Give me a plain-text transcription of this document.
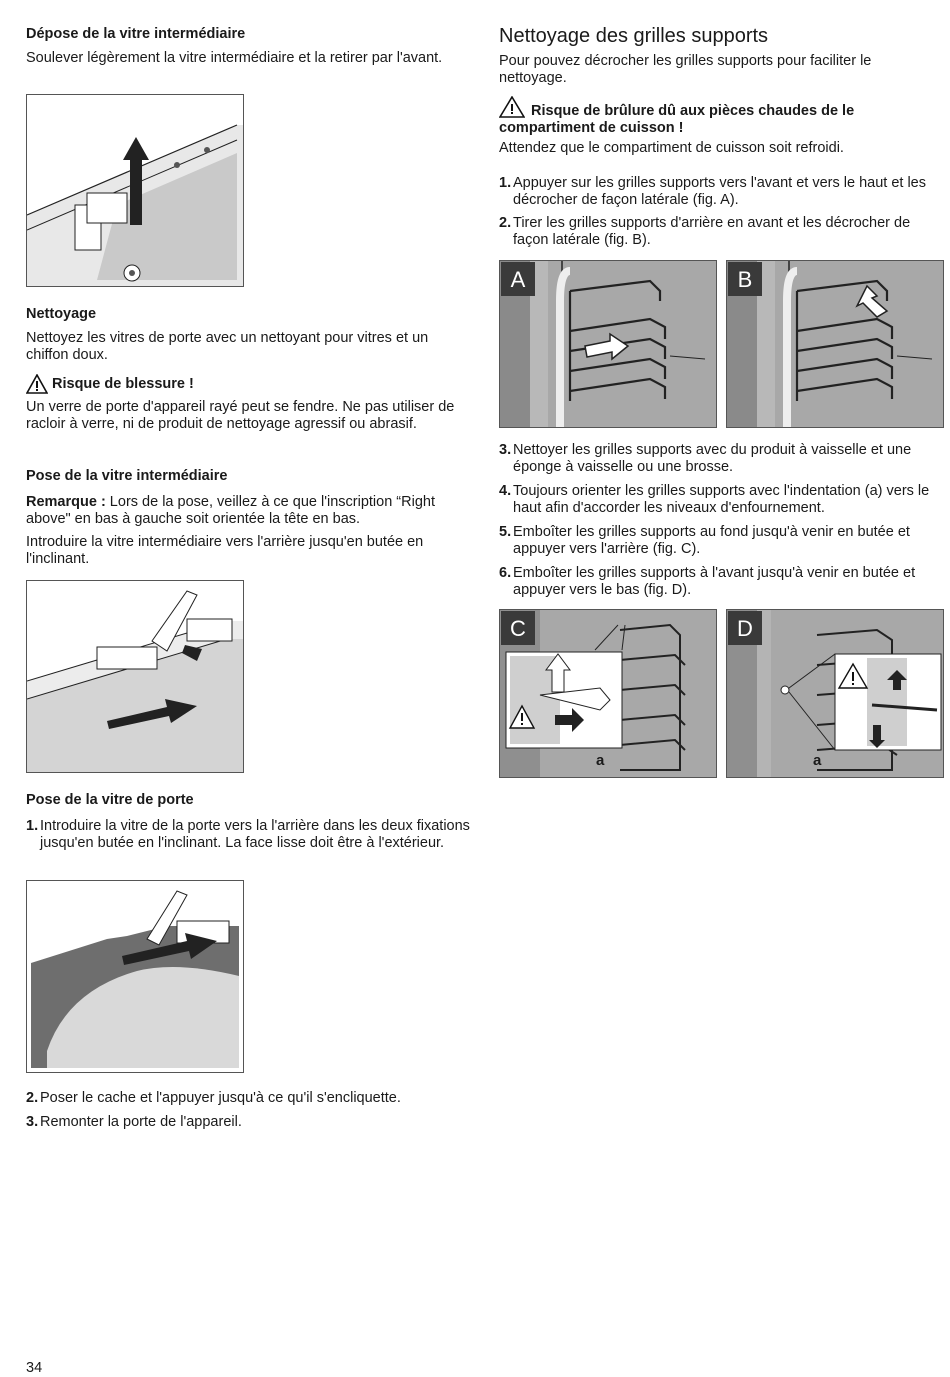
Dépose de la vitre intermédiaire

Soulever légèrement la vitre intermédiaire et la retirer par l'avant.

Nettoyage

Nettoyez les vitres de porte avec un nettoyant pour vitres et un chiffon doux.

Risque de blessure !

Un verre de porte d'appareil rayé peut se fendre. Ne pas utiliser de racloir à verre, ni de produit de nettoyage agressif ou abrasif.

Pose de la vitre intermédiaire

Remarque : Lors de la pose, veillez à ce que l'inscription “Right above" en bas à gauche soit orientée la tête en bas.

Introduire la vitre intermédiaire vers l'arrière jusqu'en butée en l'inclinant.

Pose de la vitre de porte
1. Introduire la vitre de la porte vers la l'arrière dans les deux fixations jusqu'en butée en l'inclinant. La face lisse doit être à l'extérieur.
2. Poser le cache et l'appuyer jusqu'à ce qu'il s'encliquette.
3. Remonter la porte de l'appareil.
Nettoyage des grilles supports

Pour pouvez décrocher les grilles supports pour faciliter le nettoyage.

Risque de brûlure dû aux pièces chaudes de le compartiment de cuisson !

Attendez que le compartiment de cuisson soit refroidi.

1. Appuyer sur les grilles supports vers l'avant et vers le haut et les décrocher de façon latérale (fig. A).
2. Tirer les grilles supports d'arrière en avant et les décrocher de façon latérale (fig. B).
A	B
3. Nettoyer les grilles supports avec du produit à vaisselle et une éponge à vaisselle ou une brosse.
4. Toujours orienter les grilles supports avec l'indentation (a) vers le haut afin d'accorder les niveaux d'enfournement.
5. Emboîter les grilles supports au fond jusqu'à venir en butée et appuyer vers l'arrière (fig. C).
6. Emboîter les grilles supports à l'avant jusqu'à venir en butée et appuyer vers le bas (fig. D).
C
a
D
a
34
